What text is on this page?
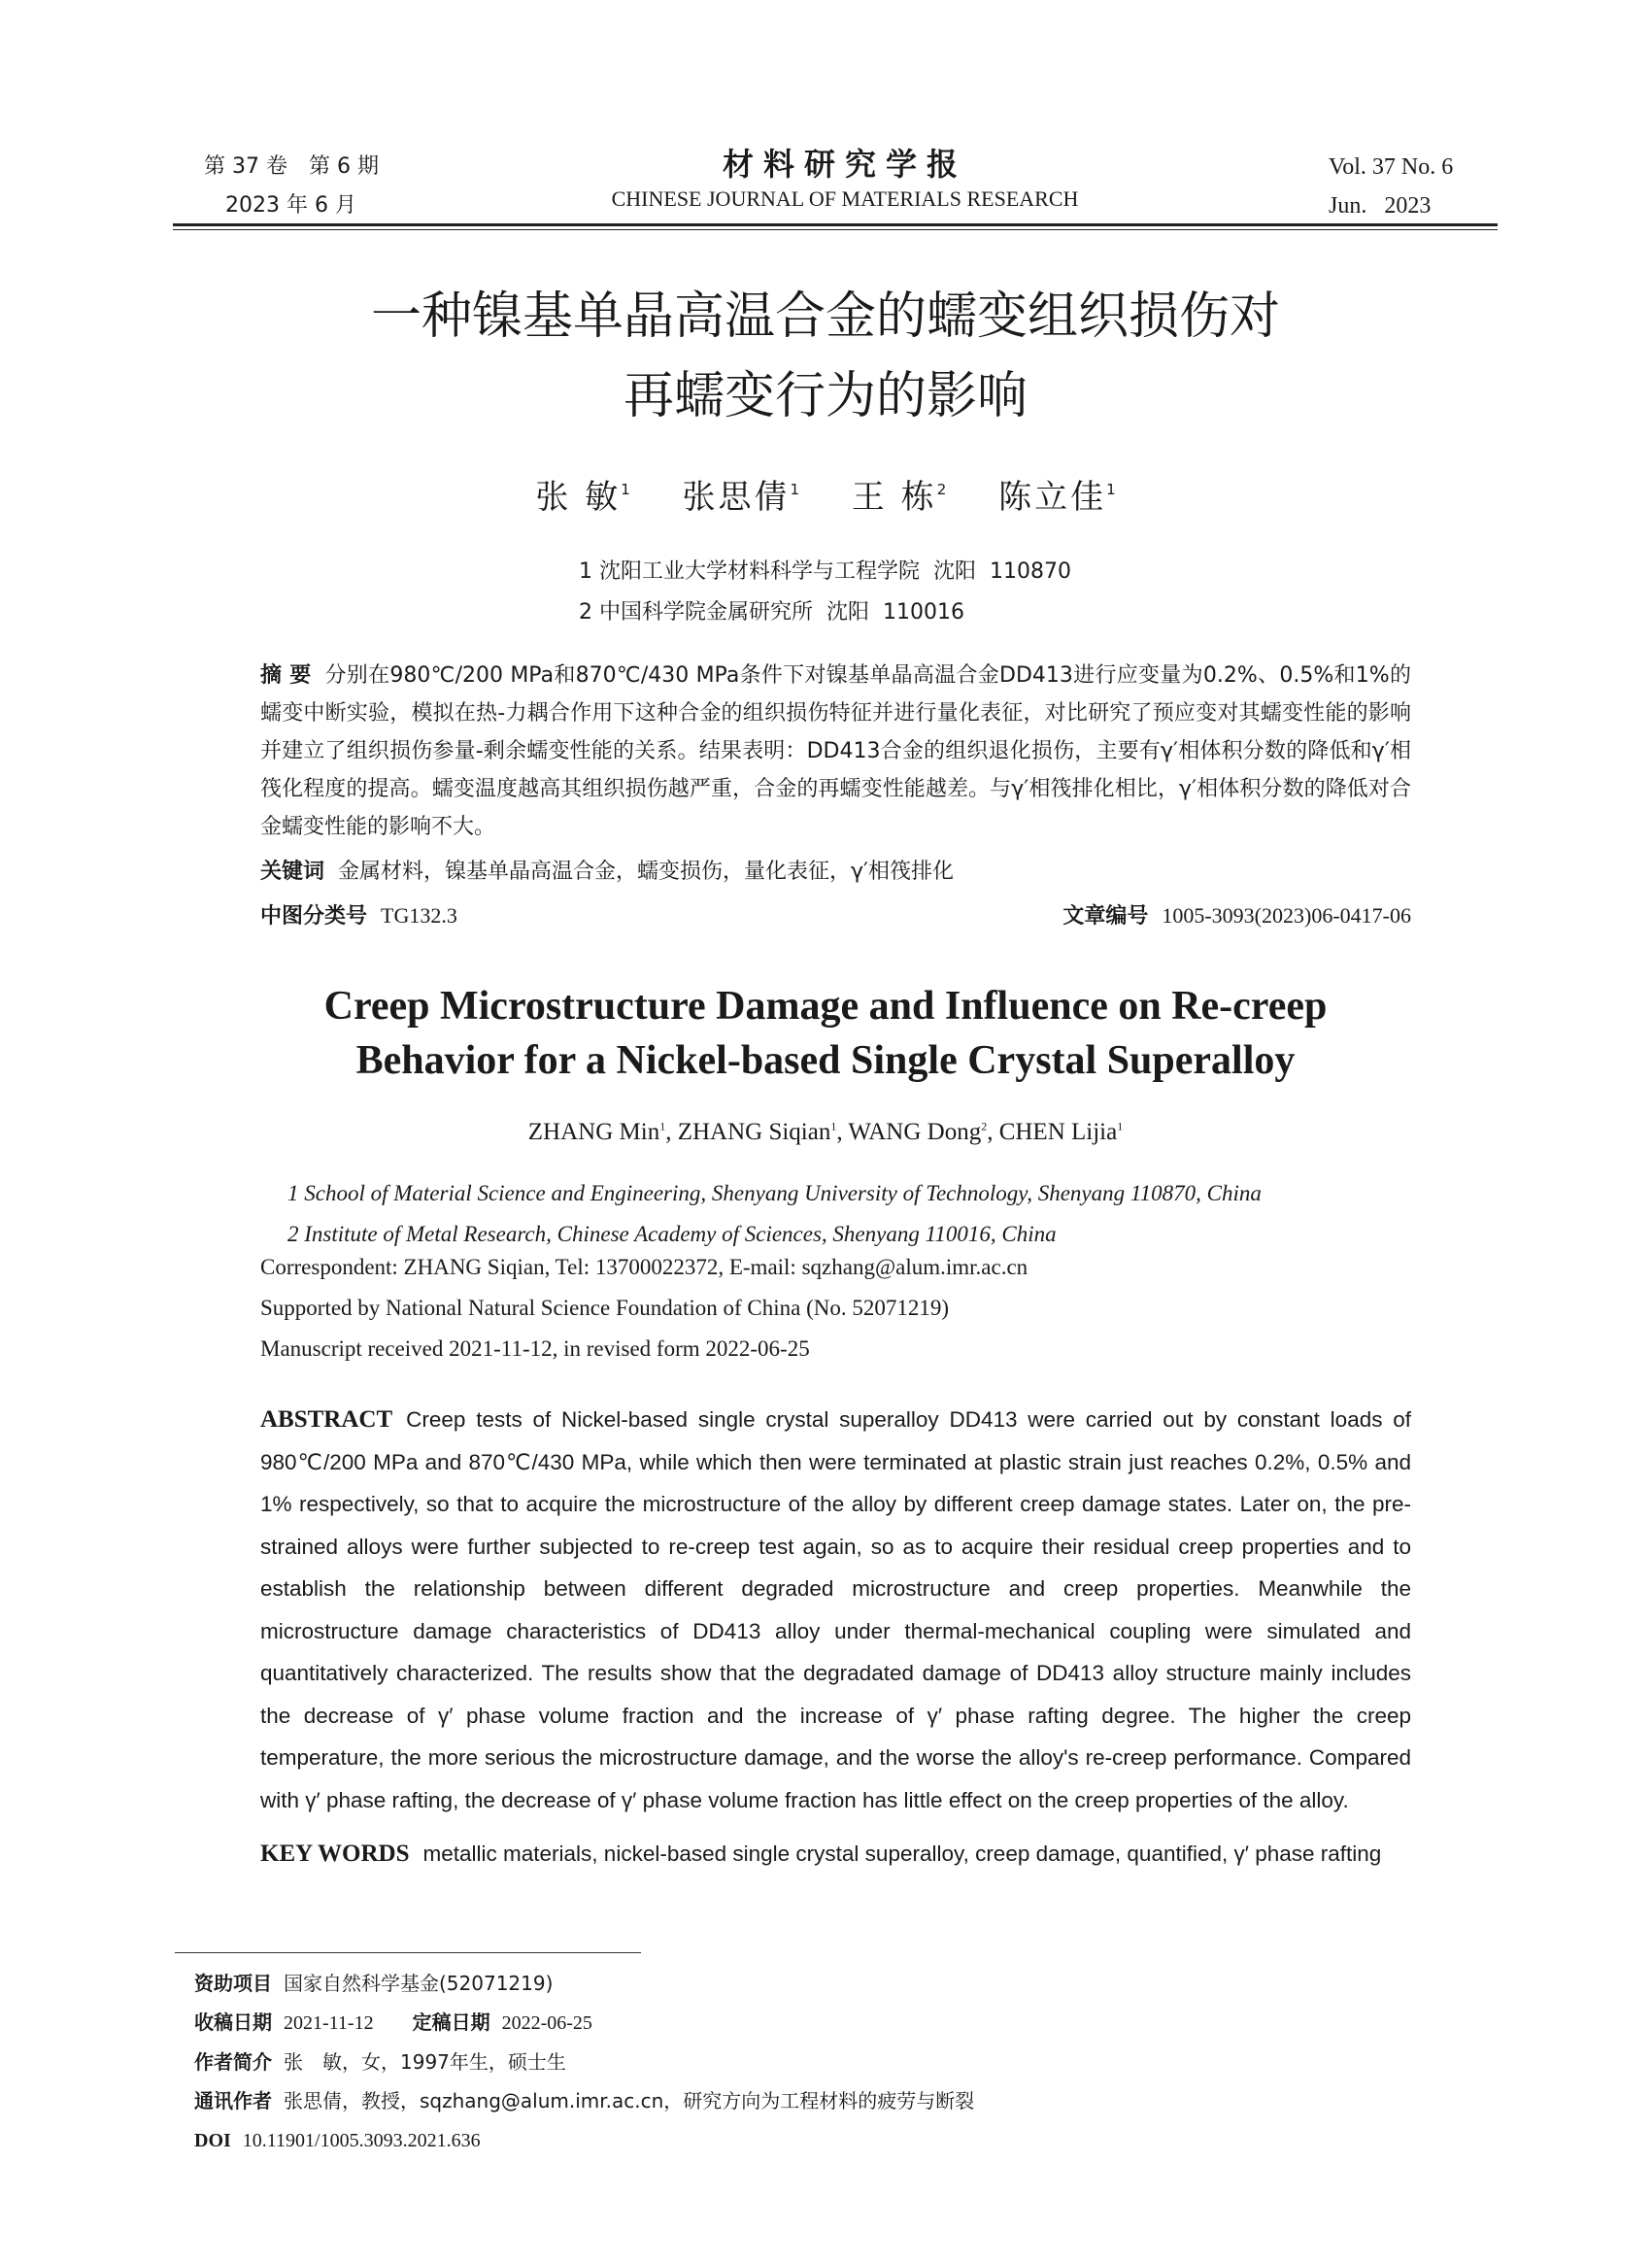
第 37 卷　第 6 期
2023 年 6 月
材料研究学报
CHINESE JOURNAL OF MATERIALS RESEARCH
Vol. 37 No. 6
Jun.   2023
一种镍基单晶高温合金的蠕变组织损伤对
再蠕变行为的影响
张 敏$^1$ 张思倩$^1$ 王 栋$^2$ 陈立佳$^1$
1 沈阳工业大学材料科学与工程学院  沈阳  110870
2 中国科学院金属研究所  沈阳  110016
摘 要 分别在980℃/200 MPa和870℃/430 MPa条件下对镍基单晶高温合金DD413进行应变量为0.2%、0.5%和1%的蠕变中断实验，模拟在热-力耦合作用下这种合金的组织损伤特征并进行量化表征，对比研究了预应变对其蠕变性能的影响并建立了组织损伤参量-剩余蠕变性能的关系。结果表明：DD413合金的组织退化损伤，主要有γ′相体积分数的降低和γ′相筏化程度的提高。蠕变温度越高其组织损伤越严重，合金的再蠕变性能越差。与γ′相筏排化相比，γ′相体积分数的降低对合金蠕变性能的影响不大。
关键词 金属材料，镍基单晶高温合金，蠕变损伤，量化表征，γ′相筏排化
中图分类号 TG132.3	文章编号 1005-3093(2023)06-0417-06
Creep Microstructure Damage and Influence on Re-creep
Behavior for a Nickel-based Single Crystal Superalloy
ZHANG Min$^1$, ZHANG Siqian$^1$, WANG Dong$^2$, CHEN Lijia$^1$
1 School of Material Science and Engineering, Shenyang University of Technology, Shenyang 110870, China
2 Institute of Metal Research, Chinese Academy of Sciences, Shenyang 110016, China
Correspondent: ZHANG Siqian, Tel: 13700022372, E-mail: sqzhang@alum.imr.ac.cn
Supported by National Natural Science Foundation of China (No. 52071219)
Manuscript received 2021-11-12, in revised form 2022-06-25
ABSTRACT Creep tests of Nickel-based single crystal superalloy DD413 were carried out by constant loads of 980℃/200 MPa and 870℃/430 MPa, while which then were terminated at plastic strain just reaches 0.2%, 0.5% and 1% respectively, so that to acquire the microstructure of the alloy by different creep damage states. Later on, the pre-strained alloys were further subjected to re-creep test again, so as to acquire their residual creep properties and to establish the relationship between different degraded microstructure and creep properties. Meanwhile the microstructure damage characteristics of DD413 alloy under thermal-mechanical coupling were simulated and quantitatively characterized. The results show that the degradated damage of DD413 alloy structure mainly includes the decrease of γ′ phase volume fraction and the increase of γ′ phase rafting degree. The higher the creep temperature, the more serious the microstructure damage, and the worse the alloy's re-creep performance. Compared with γ′ phase rafting, the decrease of γ′ phase volume fraction has little effect on the creep properties of the alloy.
KEY WORDS metallic materials, nickel-based single crystal superalloy, creep damage, quantified, γ′ phase rafting
资助项目 国家自然科学基金(52071219)
收稿日期 2021-11-12 定稿日期 2022-06-25
作者简介 张　敏，女，1997年生，硕士生
通讯作者 张思倩，教授，sqzhang@alum.imr.ac.cn，研究方向为工程材料的疲劳与断裂
DOI 10.11901/1005.3093.2021.636
